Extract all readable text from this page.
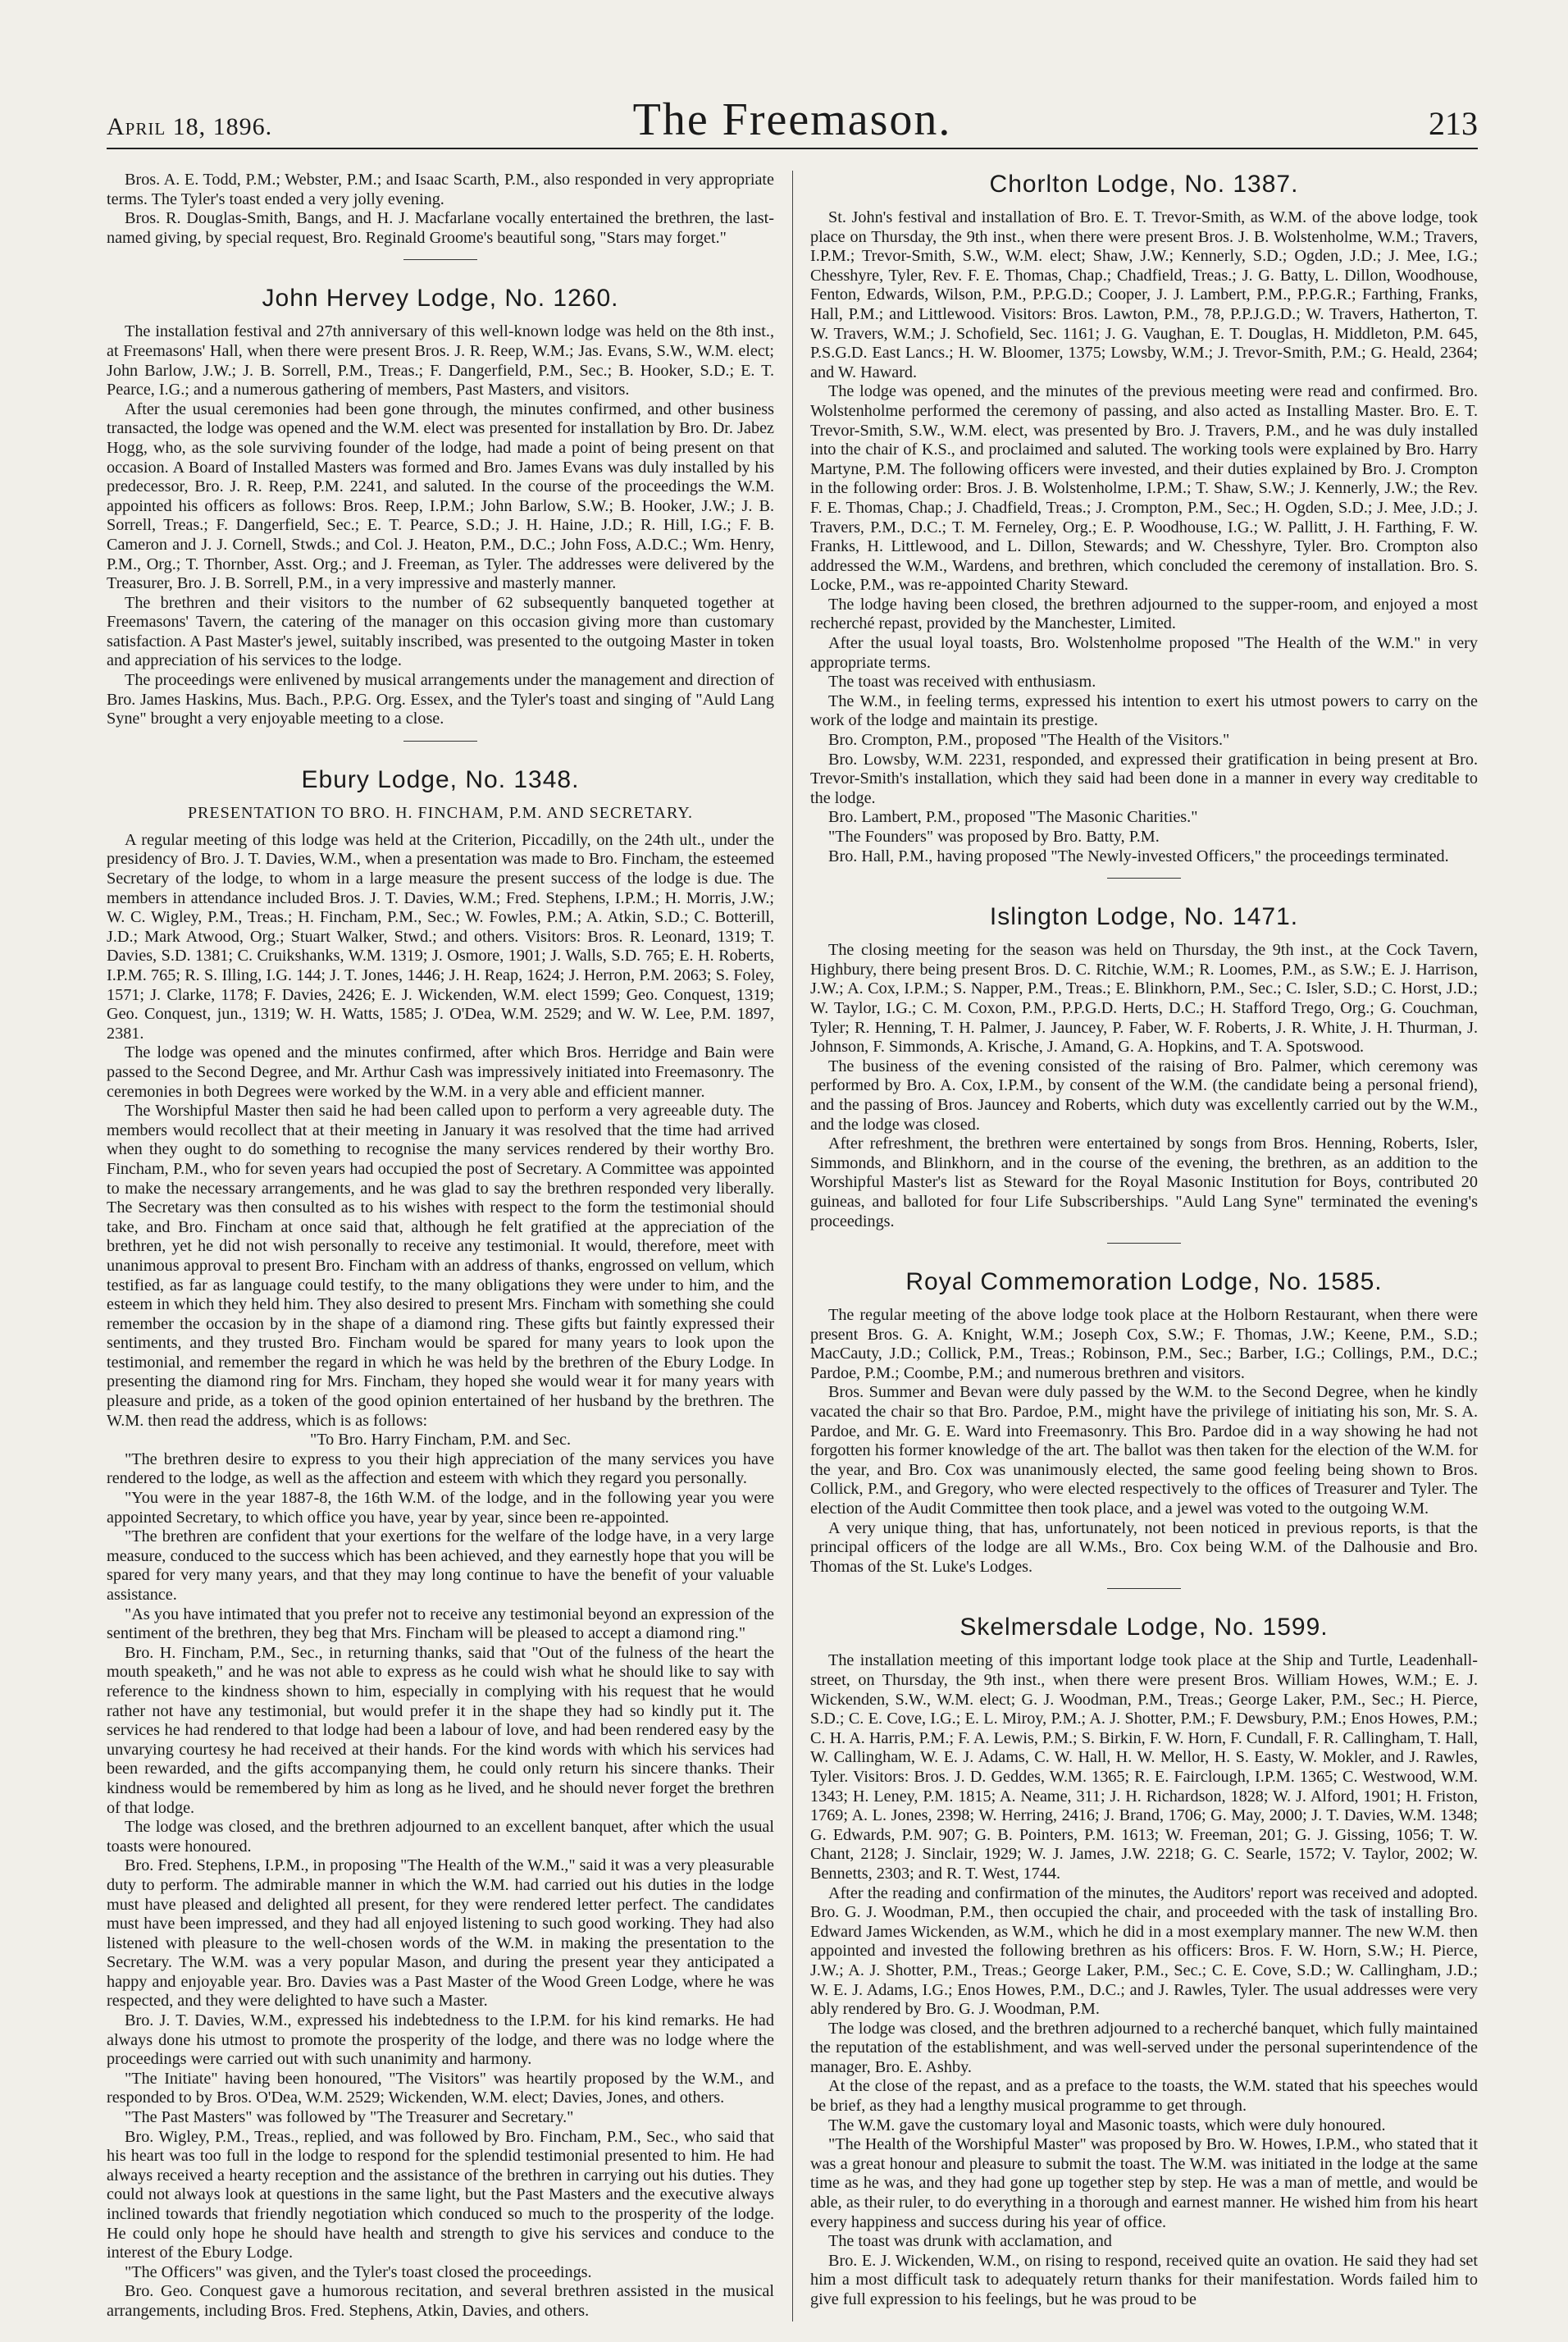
April 18, 1896.	The Freemason.	213

Bros. A. E. Todd, P.M.; Webster, P.M.; and Isaac Scarth, P.M., also responded in very appropriate terms. The Tyler's toast ended a very jolly evening.

Bros. R. Douglas-Smith, Bangs, and H. J. Macfarlane vocally entertained the brethren, the last-named giving, by special request, Bro. Reginald Groome's beautiful song, "Stars may forget."

John Hervey Lodge, No. 1260.

The installation festival and 27th anniversary of this well-known lodge was held on the 8th inst., at Freemasons' Hall, when there were present Bros. J. R. Reep, W.M.; Jas. Evans, S.W., W.M. elect; John Barlow, J.W.; J. B. Sorrell, P.M., Treas.; F. Dangerfield, P.M., Sec.; B. Hooker, S.D.; E. T. Pearce, I.G.; and a numerous gathering of members, Past Masters, and visitors.

After the usual ceremonies had been gone through, the minutes confirmed, and other business transacted, the lodge was opened and the W.M. elect was presented for installation by Bro. Dr. Jabez Hogg, who, as the sole surviving founder of the lodge, had made a point of being present on that occasion. A Board of Installed Masters was formed and Bro. James Evans was duly installed by his predecessor, Bro. J. R. Reep, P.M. 2241, and saluted. In the course of the proceedings the W.M. appointed his officers as follows: Bros. Reep, I.P.M.; John Barlow, S.W.; B. Hooker, J.W.; J. B. Sorrell, Treas.; F. Dangerfield, Sec.; E. T. Pearce, S.D.; J. H. Haine, J.D.; R. Hill, I.G.; F. B. Cameron and J. J. Cornell, Stwds.; and Col. J. Heaton, P.M., D.C.; John Foss, A.D.C.; Wm. Henry, P.M., Org.; T. Thornber, Asst. Org.; and J. Freeman, as Tyler. The addresses were delivered by the Treasurer, Bro. J. B. Sorrell, P.M., in a very impressive and masterly manner.

The brethren and their visitors to the number of 62 subsequently banqueted together at Freemasons' Tavern, the catering of the manager on this occasion giving more than customary satisfaction. A Past Master's jewel, suitably inscribed, was presented to the outgoing Master in token and appreciation of his services to the lodge.

The proceedings were enlivened by musical arrangements under the management and direction of Bro. James Haskins, Mus. Bach., P.P.G. Org. Essex, and the Tyler's toast and singing of "Auld Lang Syne" brought a very enjoyable meeting to a close.

Ebury Lodge, No. 1348.
PRESENTATION TO BRO. H. FINCHAM, P.M. AND SECRETARY.

A regular meeting of this lodge was held at the Criterion, Piccadilly, on the 24th ult., under the presidency of Bro. J. T. Davies, W.M., when a presentation was made to Bro. Fincham, the esteemed Secretary of the lodge, to whom in a large measure the present success of the lodge is due. The members in attendance included Bros. J. T. Davies, W.M.; Fred. Stephens, I.P.M.; H. Morris, J.W.; W. C. Wigley, P.M., Treas.; H. Fincham, P.M., Sec.; W. Fowles, P.M.; A. Atkin, S.D.; C. Botterill, J.D.; Mark Atwood, Org.; Stuart Walker, Stwd.; and others. Visitors: Bros. R. Leonard, 1319; T. Davies, S.D. 1381; C. Cruikshanks, W.M. 1319; J. Osmore, 1901; J. Walls, S.D. 765; E. H. Roberts, I.P.M. 765; R. S. Illing, I.G. 144; J. T. Jones, 1446; J. H. Reap, 1624; J. Herron, P.M. 2063; S. Foley, 1571; J. Clarke, 1178; F. Davies, 2426; E. J. Wickenden, W.M. elect 1599; Geo. Conquest, 1319; Geo. Conquest, jun., 1319; W. H. Watts, 1585; J. O'Dea, W.M. 2529; and W. W. Lee, P.M. 1897, 2381.

The lodge was opened and the minutes confirmed, after which Bros. Herridge and Bain were passed to the Second Degree, and Mr. Arthur Cash was impressively initiated into Freemasonry. The ceremonies in both Degrees were worked by the W.M. in a very able and efficient manner.

The Worshipful Master then said he had been called upon to perform a very agreeable duty. The members would recollect that at their meeting in January it was resolved that the time had arrived when they ought to do something to recognise the many services rendered by their worthy Bro. Fincham, P.M., who for seven years had occupied the post of Secretary. A Committee was appointed to make the necessary arrangements, and he was glad to say the brethren responded very liberally. The Secretary was then consulted as to his wishes with respect to the form the testimonial should take, and Bro. Fincham at once said that, although he felt gratified at the appreciation of the brethren, yet he did not wish personally to receive any testimonial. It would, therefore, meet with unanimous approval to present Bro. Fincham with an address of thanks, engrossed on vellum, which testified, as far as language could testify, to the many obligations they were under to him, and the esteem in which they held him. They also desired to present Mrs. Fincham with something she could remember the occasion by in the shape of a diamond ring. These gifts but faintly expressed their sentiments, and they trusted Bro. Fincham would be spared for many years to look upon the testimonial, and remember the regard in which he was held by the brethren of the Ebury Lodge. In presenting the diamond ring for Mrs. Fincham, they hoped she would wear it for many years with pleasure and pride, as a token of the good opinion entertained of her husband by the brethren. The W.M. then read the address, which is as follows:

"To Bro. Harry Fincham, P.M. and Sec.

"The brethren desire to express to you their high appreciation of the many services you have rendered to the lodge, as well as the affection and esteem with which they regard you personally.

"You were in the year 1887-8, the 16th W.M. of the lodge, and in the following year you were appointed Secretary, to which office you have, year by year, since been re-appointed.

"The brethren are confident that your exertions for the welfare of the lodge have, in a very large measure, conduced to the success which has been achieved, and they earnestly hope that you will be spared for very many years, and that they may long continue to have the benefit of your valuable assistance.

"As you have intimated that you prefer not to receive any testimonial beyond an expression of the sentiment of the brethren, they beg that Mrs. Fincham will be pleased to accept a diamond ring."

Bro. H. Fincham, P.M., Sec., in returning thanks, said that "Out of the fulness of the heart the mouth speaketh," and he was not able to express as he could wish what he should like to say with reference to the kindness shown to him, especially in complying with his request that he would rather not have any testimonial, but would prefer it in the shape they had so kindly put it. The services he had rendered to that lodge had been a labour of love, and had been rendered easy by the unvarying courtesy he had received at their hands. For the kind words with which his services had been rewarded, and the gifts accompanying them, he could only return his sincere thanks. Their kindness would be remembered by him as long as he lived, and he should never forget the brethren of that lodge.

The lodge was closed, and the brethren adjourned to an excellent banquet, after which the usual toasts were honoured.

Bro. Fred. Stephens, I.P.M., in proposing "The Health of the W.M.," said it was a very pleasurable duty to perform. The admirable manner in which the W.M. had carried out his duties in the lodge must have pleased and delighted all present, for they were rendered letter perfect. The candidates must have been impressed, and they had all enjoyed listening to such good working. They had also listened with pleasure to the well-chosen words of the W.M. in making the presentation to the Secretary. The W.M. was a very popular Mason, and during the present year they anticipated a happy and enjoyable year. Bro. Davies was a Past Master of the Wood Green Lodge, where he was respected, and they were delighted to have such a Master.

Bro. J. T. Davies, W.M., expressed his indebtedness to the I.P.M. for his kind remarks. He had always done his utmost to promote the prosperity of the lodge, and there was no lodge where the proceedings were carried out with such unanimity and harmony.

"The Initiate" having been honoured, "The Visitors" was heartily proposed by the W.M., and responded to by Bros. O'Dea, W.M. 2529; Wickenden, W.M. elect; Davies, Jones, and others.

"The Past Masters" was followed by "The Treasurer and Secretary."

Bro. Wigley, P.M., Treas., replied, and was followed by Bro. Fincham, P.M., Sec., who said that his heart was too full in the lodge to respond for the splendid testimonial presented to him. He had always received a hearty reception and the assistance of the brethren in carrying out his duties. They could not always look at questions in the same light, but the Past Masters and the executive always inclined towards that friendly negotiation which conduced so much to the prosperity of the lodge. He could only hope he should have health and strength to give his services and conduce to the interest of the Ebury Lodge.

"The Officers" was given, and the Tyler's toast closed the proceedings.

Bro. Geo. Conquest gave a humorous recitation, and several brethren assisted in the musical arrangements, including Bros. Fred. Stephens, Atkin, Davies, and others.

Chorlton Lodge, No. 1387.

St. John's festival and installation of Bro. E. T. Trevor-Smith, as W.M. of the above lodge, took place on Thursday, the 9th inst., when there were present Bros. J. B. Wolstenholme, W.M.; Travers, I.P.M.; Trevor-Smith, S.W., W.M. elect; Shaw, J.W.; Kennerly, S.D.; Ogden, J.D.; J. Mee, I.G.; Chesshyre, Tyler, Rev. F. E. Thomas, Chap.; Chadfield, Treas.; J. G. Batty, L. Dillon, Woodhouse, Fenton, Edwards, Wilson, P.M., P.P.G.D.; Cooper, J. J. Lambert, P.M., P.P.G.R.; Farthing, Franks, Hall, P.M.; and Littlewood. Visitors: Bros. Lawton, P.M., 78, P.P.J.G.D.; W. Travers, Hatherton, T. W. Travers, W.M.; J. Schofield, Sec. 1161; J. G. Vaughan, E. T. Douglas, H. Middleton, P.M. 645, P.S.G.D. East Lancs.; H. W. Bloomer, 1375; Lowsby, W.M.; J. Trevor-Smith, P.M.; G. Heald, 2364; and W. Haward.

The lodge was opened, and the minutes of the previous meeting were read and confirmed. Bro. Wolstenholme performed the ceremony of passing, and also acted as Installing Master. Bro. E. T. Trevor-Smith, S.W., W.M. elect, was presented by Bro. J. Travers, P.M., and he was duly installed into the chair of K.S., and proclaimed and saluted. The working tools were explained by Bro. Harry Martyne, P.M. The following officers were invested, and their duties explained by Bro. J. Crompton in the following order: Bros. J. B. Wolstenholme, I.P.M.; T. Shaw, S.W.; J. Kennerly, J.W.; the Rev. F. E. Thomas, Chap.; J. Chadfield, Treas.; J. Crompton, P.M., Sec.; H. Ogden, S.D.; J. Mee, J.D.; J. Travers, P.M., D.C.; T. M. Ferneley, Org.; E. P. Woodhouse, I.G.; W. Pallitt, J. H. Farthing, F. W. Franks, H. Littlewood, and L. Dillon, Stewards; and W. Chesshyre, Tyler. Bro. Crompton also addressed the W.M., Wardens, and brethren, which concluded the ceremony of installation. Bro. S. Locke, P.M., was re-appointed Charity Steward.

The lodge having been closed, the brethren adjourned to the supper-room, and enjoyed a most recherché repast, provided by the Manchester, Limited.

After the usual loyal toasts, Bro. Wolstenholme proposed "The Health of the W.M." in very appropriate terms.

The toast was received with enthusiasm.

The W.M., in feeling terms, expressed his intention to exert his utmost powers to carry on the work of the lodge and maintain its prestige.

Bro. Crompton, P.M., proposed "The Health of the Visitors."

Bro. Lowsby, W.M. 2231, responded, and expressed their gratification in being present at Bro. Trevor-Smith's installation, which they said had been done in a manner in every way creditable to the lodge.

Bro. Lambert, P.M., proposed "The Masonic Charities."

"The Founders" was proposed by Bro. Batty, P.M.

Bro. Hall, P.M., having proposed "The Newly-invested Officers," the proceedings terminated.

Islington Lodge, No. 1471.

The closing meeting for the season was held on Thursday, the 9th inst., at the Cock Tavern, Highbury, there being present Bros. D. C. Ritchie, W.M.; R. Loomes, P.M., as S.W.; E. J. Harrison, J.W.; A. Cox, I.P.M.; S. Napper, P.M., Treas.; E. Blinkhorn, P.M., Sec.; C. Isler, S.D.; C. Horst, J.D.; W. Taylor, I.G.; C. M. Coxon, P.M., P.P.G.D. Herts, D.C.; H. Stafford Trego, Org.; G. Couchman, Tyler; R. Henning, T. H. Palmer, J. Jauncey, P. Faber, W. F. Roberts, J. R. White, J. H. Thurman, J. Johnson, F. Simmonds, A. Krische, J. Amand, G. A. Hopkins, and T. A. Spotswood.

The business of the evening consisted of the raising of Bro. Palmer, which ceremony was performed by Bro. A. Cox, I.P.M., by consent of the W.M. (the candidate being a personal friend), and the passing of Bros. Jauncey and Roberts, which duty was excellently carried out by the W.M., and the lodge was closed.

After refreshment, the brethren were entertained by songs from Bros. Henning, Roberts, Isler, Simmonds, and Blinkhorn, and in the course of the evening, the brethren, as an addition to the Worshipful Master's list as Steward for the Royal Masonic Institution for Boys, contributed 20 guineas, and balloted for four Life Subscriberships. "Auld Lang Syne" terminated the evening's proceedings.

Royal Commemoration Lodge, No. 1585.

The regular meeting of the above lodge took place at the Holborn Restaurant, when there were present Bros. G. A. Knight, W.M.; Joseph Cox, S.W.; F. Thomas, J.W.; Keene, P.M., S.D.; MacCauty, J.D.; Collick, P.M., Treas.; Robinson, P.M., Sec.; Barber, I.G.; Collings, P.M., D.C.; Pardoe, P.M.; Coombe, P.M.; and numerous brethren and visitors.

Bros. Summer and Bevan were duly passed by the W.M. to the Second Degree, when he kindly vacated the chair so that Bro. Pardoe, P.M., might have the privilege of initiating his son, Mr. S. A. Pardoe, and Mr. G. E. Ward into Freemasonry. This Bro. Pardoe did in a way showing he had not forgotten his former knowledge of the art. The ballot was then taken for the election of the W.M. for the year, and Bro. Cox was unanimously elected, the same good feeling being shown to Bros. Collick, P.M., and Gregory, who were elected respectively to the offices of Treasurer and Tyler. The election of the Audit Committee then took place, and a jewel was voted to the outgoing W.M.

A very unique thing, that has, unfortunately, not been noticed in previous reports, is that the principal officers of the lodge are all W.Ms., Bro. Cox being W.M. of the Dalhousie and Bro. Thomas of the St. Luke's Lodges.

Skelmersdale Lodge, No. 1599.

The installation meeting of this important lodge took place at the Ship and Turtle, Leadenhall-street, on Thursday, the 9th inst., when there were present Bros. William Howes, W.M.; E. J. Wickenden, S.W., W.M. elect; G. J. Woodman, P.M., Treas.; George Laker, P.M., Sec.; H. Pierce, S.D.; C. E. Cove, I.G.; E. L. Miroy, P.M.; A. J. Shotter, P.M.; F. Dewsbury, P.M.; Enos Howes, P.M.; C. H. A. Harris, P.M.; F. A. Lewis, P.M.; S. Birkin, F. W. Horn, F. Cundall, F. R. Callingham, T. Hall, W. Callingham, W. E. J. Adams, C. W. Hall, H. W. Mellor, H. S. Easty, W. Mokler, and J. Rawles, Tyler. Visitors: Bros. J. D. Geddes, W.M. 1365; R. E. Fairclough, I.P.M. 1365; C. Westwood, W.M. 1343; H. Leney, P.M. 1815; A. Neame, 311; J. H. Richardson, 1828; W. J. Alford, 1901; H. Friston, 1769; A. L. Jones, 2398; W. Herring, 2416; J. Brand, 1706; G. May, 2000; J. T. Davies, W.M. 1348; G. Edwards, P.M. 907; G. B. Pointers, P.M. 1613; W. Freeman, 201; G. J. Gissing, 1056; T. W. Chant, 2128; J. Sinclair, 1929; W. J. James, J.W. 2218; G. C. Searle, 1572; V. Taylor, 2002; W. Bennetts, 2303; and R. T. West, 1744.

After the reading and confirmation of the minutes, the Auditors' report was received and adopted. Bro. G. J. Woodman, P.M., then occupied the chair, and proceeded with the task of installing Bro. Edward James Wickenden, as W.M., which he did in a most exemplary manner. The new W.M. then appointed and invested the following brethren as his officers: Bros. F. W. Horn, S.W.; H. Pierce, J.W.; A. J. Shotter, P.M., Treas.; George Laker, P.M., Sec.; C. E. Cove, S.D.; W. Callingham, J.D.; W. E. J. Adams, I.G.; Enos Howes, P.M., D.C.; and J. Rawles, Tyler. The usual addresses were very ably rendered by Bro. G. J. Woodman, P.M.

The lodge was closed, and the brethren adjourned to a recherché banquet, which fully maintained the reputation of the establishment, and was well-served under the personal superintendence of the manager, Bro. E. Ashby.

At the close of the repast, and as a preface to the toasts, the W.M. stated that his speeches would be brief, as they had a lengthy musical programme to get through.

The W.M. gave the customary loyal and Masonic toasts, which were duly honoured.

"The Health of the Worshipful Master" was proposed by Bro. W. Howes, I.P.M., who stated that it was a great honour and pleasure to submit the toast. The W.M. was initiated in the lodge at the same time as he was, and they had gone up together step by step. He was a man of mettle, and would be able, as their ruler, to do everything in a thorough and earnest manner. He wished him from his heart every happiness and success during his year of office.

The toast was drunk with acclamation, and

Bro. E. J. Wickenden, W.M., on rising to respond, received quite an ovation. He said they had set him a most difficult task to adequately return thanks for their manifestation. Words failed him to give full expression to his feelings, but he was proud to be
